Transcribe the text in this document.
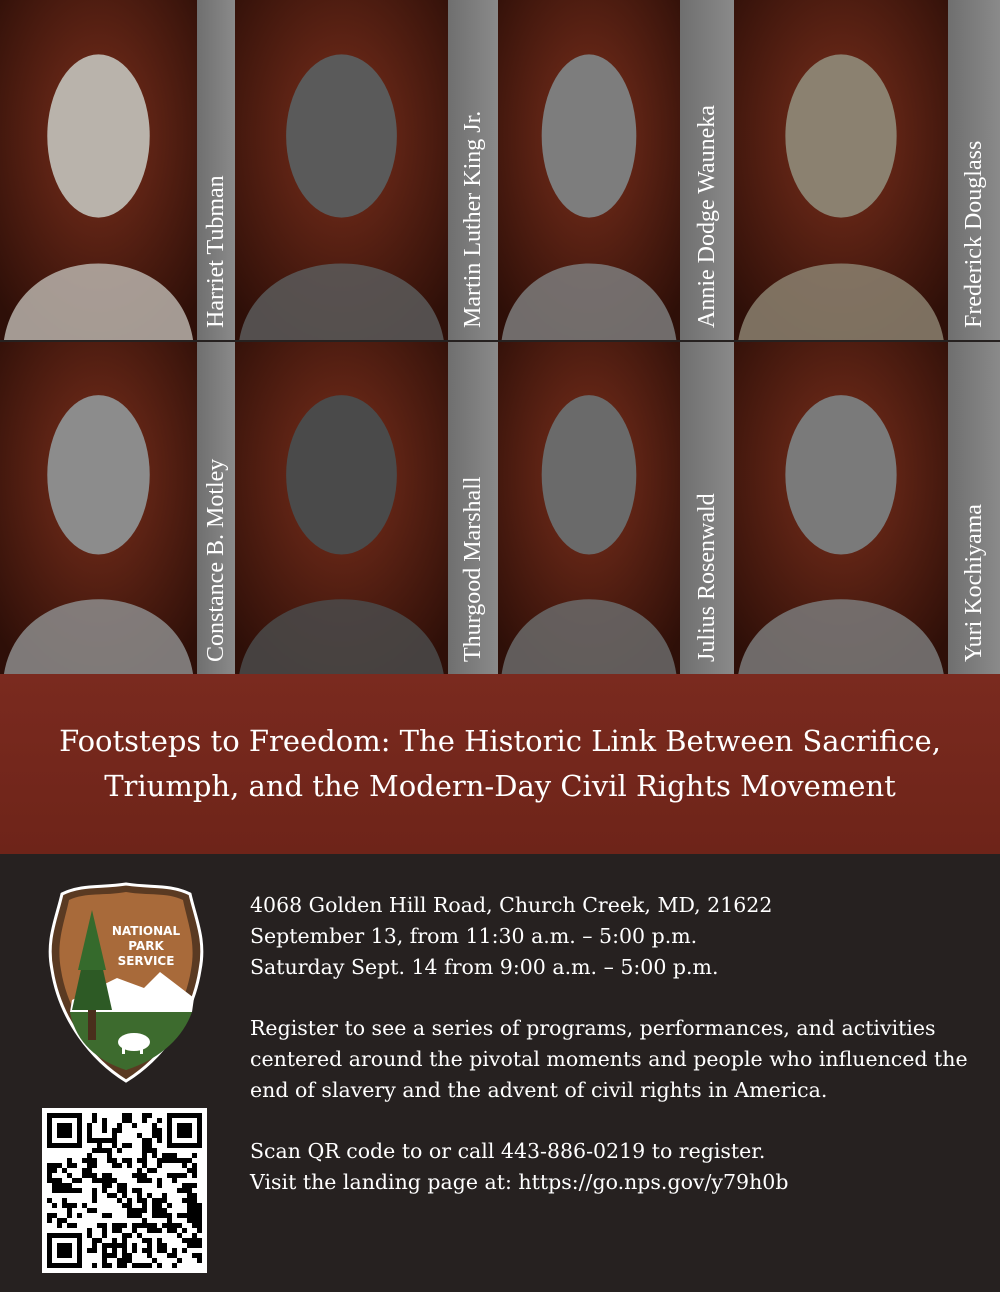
Harriet Tubman	Martin Luther King Jr.	Annie Dodge Wauneka	Frederick Douglass
Constance B. Motley	Thurgood Marshall	Julius Rosenwald	Yuri Kochiyama
Footsteps to Freedom: The Historic Link Between Sacrifice, Triumph, and the Modern-Day Civil Rights Movement
NATIONAL
PARK
SERVICE

4068 Golden Hill Road, Church Creek, MD, 21622

September 13, from 11:30 a.m. – 5:00 p.m.

Saturday Sept. 14 from 9:00 a.m. – 5:00 p.m.

Register to see a series of programs, performances, and activities centered around the pivotal moments and people who influenced the end of slavery and the advent of civil rights in America.

Scan QR code to or call 443-886-0219 to register.

Visit the landing page at: https://go.nps.gov/y79h0b
